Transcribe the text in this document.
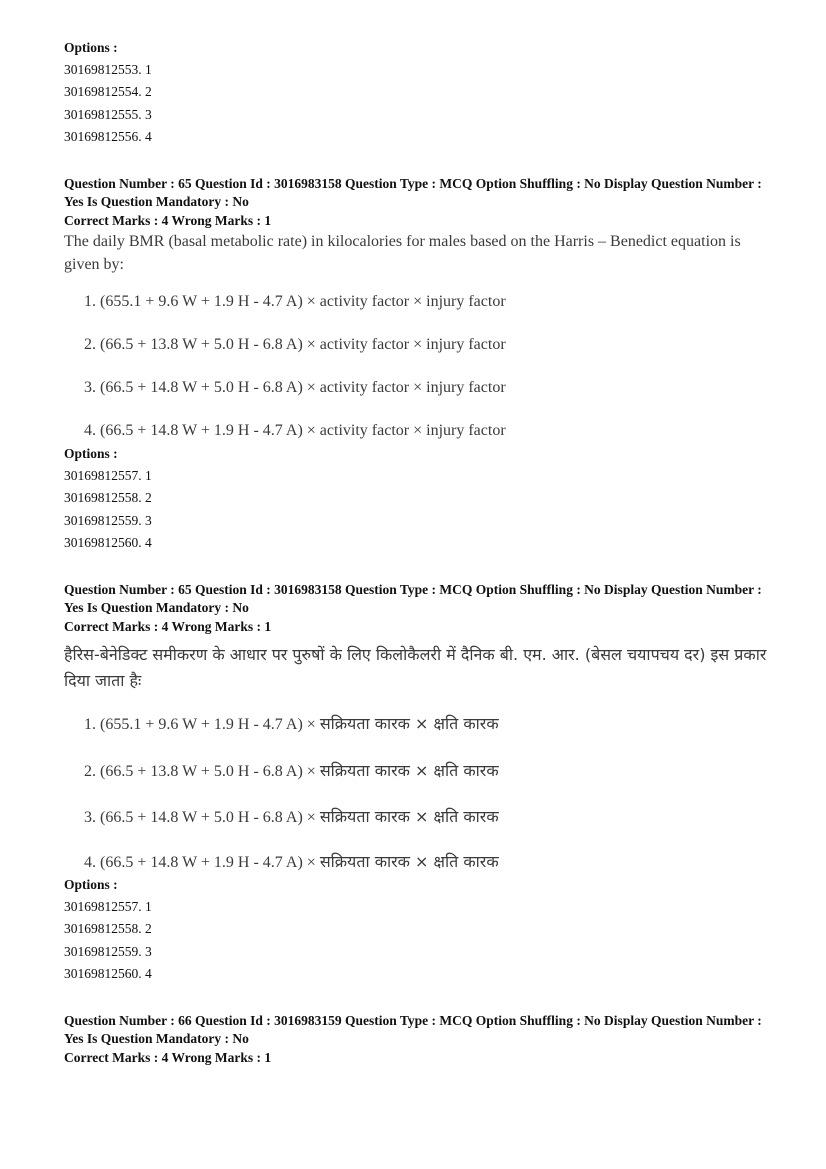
Options :
30169812553. 1
30169812554. 2
30169812555. 3
30169812556. 4
Question Number : 65 Question Id : 3016983158 Question Type : MCQ Option Shuffling : No Display Question Number : Yes Is Question Mandatory : No
Correct Marks : 4 Wrong Marks : 1
The daily BMR (basal metabolic rate) in kilocalories for males based on the Harris – Benedict equation is given by:
1. (655.1 + 9.6 W + 1.9 H - 4.7 A) × activity factor × injury factor
2. (66.5 + 13.8 W + 5.0 H - 6.8 A) × activity factor × injury factor
3. (66.5 + 14.8 W + 5.0 H - 6.8 A) × activity factor × injury factor
4. (66.5 + 14.8 W + 1.9 H - 4.7 A) × activity factor × injury factor
Options :
30169812557. 1
30169812558. 2
30169812559. 3
30169812560. 4
Question Number : 65 Question Id : 3016983158 Question Type : MCQ Option Shuffling : No Display Question Number : Yes Is Question Mandatory : No
Correct Marks : 4 Wrong Marks : 1
हैरिस-बेनेडिक्ट समीकरण के आधार पर पुरुषों के लिए किलोकैलरी में दैनिक बी. एम. आर. (बेसल चयापचय दर) इस प्रकार दिया जाता हैः
1. (655.1 + 9.6 W + 1.9 H - 4.7 A) × सक्रियता कारक × क्षति कारक
2. (66.5 + 13.8 W + 5.0 H - 6.8 A) × सक्रियता कारक × क्षति कारक
3. (66.5 + 14.8 W + 5.0 H - 6.8 A) × सक्रियता कारक × क्षति कारक
4. (66.5 + 14.8 W + 1.9 H - 4.7 A) × सक्रियता कारक × क्षति कारक
Options :
30169812557. 1
30169812558. 2
30169812559. 3
30169812560. 4
Question Number : 66 Question Id : 3016983159 Question Type : MCQ Option Shuffling : No Display Question Number : Yes Is Question Mandatory : No
Correct Marks : 4 Wrong Marks : 1
